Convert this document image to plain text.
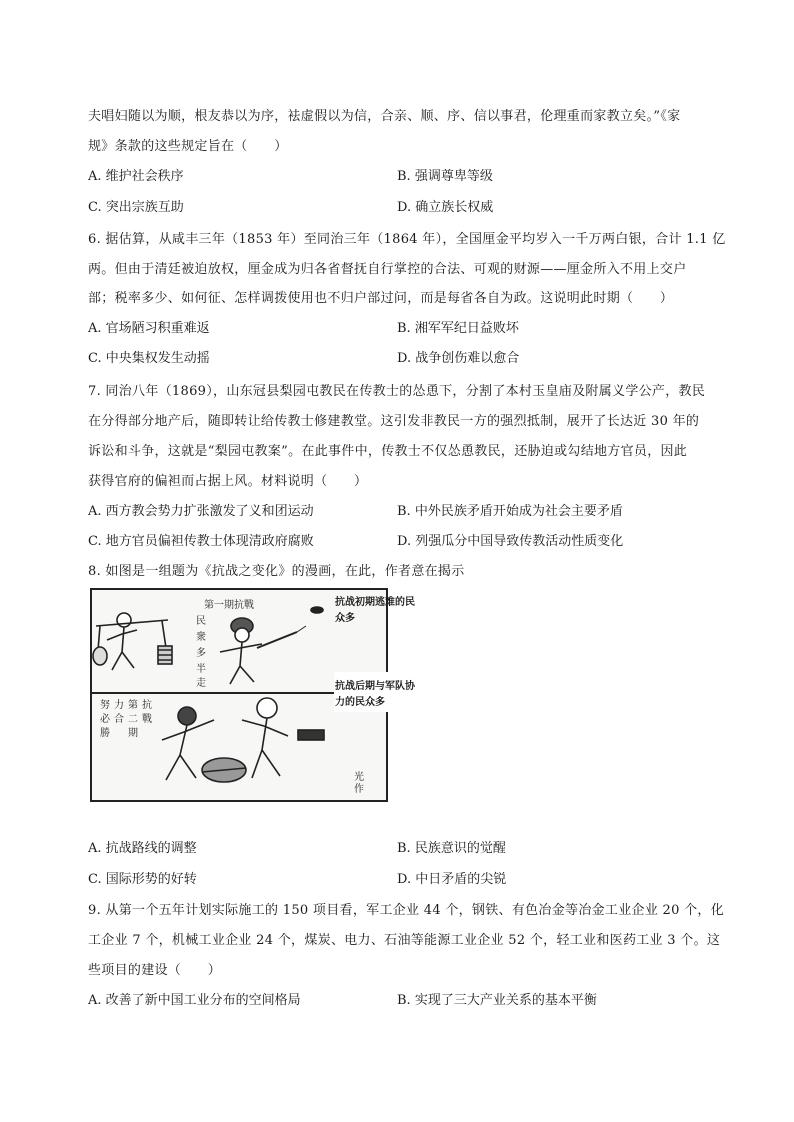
夫唱妇随以为顺，根友恭以为序，袪虚假以为信，合亲、顺、序、信以事君，伦理重而家教立矣。”《家
规》条款的这些规定旨在（　　）
A. 维护社会秩序	B. 强调尊卑等级
C. 突出宗族互助	D. 确立族长权威
6. 据估算，从咸丰三年（1853 年）至同治三年（1864 年），全国厘金平均岁入一千万两白银，合计 1.1 亿
两。但由于清廷被迫放权，厘金成为归各省督抚自行掌控的合法、可观的财源——厘金所入不用上交户
部；税率多少、如何征、怎样调拨使用也不归户部过问，而是每省各自为政。这说明此时期（　　）
A. 官场陋习积重难返	B. 湘军军纪日益败坏
C. 中央集权发生动摇	D. 战争创伤难以愈合
7. 同治八年（1869），山东冠县梨园屯教民在传教士的怂恿下，分割了本村玉皇庙及附属义学公产，教民
在分得部分地产后，随即转让给传教士修建教堂。这引发非教民一方的强烈抵制，展开了长达近 30 年的
诉讼和斗争，这就是“梨园屯教案”。在此事件中，传教士不仅怂恿教民，还胁迫或勾结地方官员，因此
获得官府的偏袒而占据上风。材料说明（　　）
A. 西方教会势力扩张激发了义和团运动	B. 中外民族矛盾开始成为社会主要矛盾
C. 地方官员偏袒传教士体现清政府腐败	D. 列强瓜分中国导致传教活动性质变化
8. 如图是一组题为《抗战之变化》的漫画，在此，作者意在揭示
第一期抗戰
民
衆
多
半
走
努
必
勝
力
合
第
二
期
抗
戰
光
作
抗战初期逃难的民
众多
抗战后期与军队协
力的民众多
A. 抗战路线的调整	B. 民族意识的觉醒
C. 国际形势的好转	D. 中日矛盾的尖锐
9. 从第一个五年计划实际施工的 150 项目看，军工企业 44 个，钢铁、有色冶金等冶金工业企业 20 个，化
工企业 7 个，机械工业企业 24 个，煤炭、电力、石油等能源工业企业 52 个，轻工业和医药工业 3 个。这
些项目的建设（　　）
A. 改善了新中国工业分布的空间格局	B. 实现了三大产业关系的基本平衡
